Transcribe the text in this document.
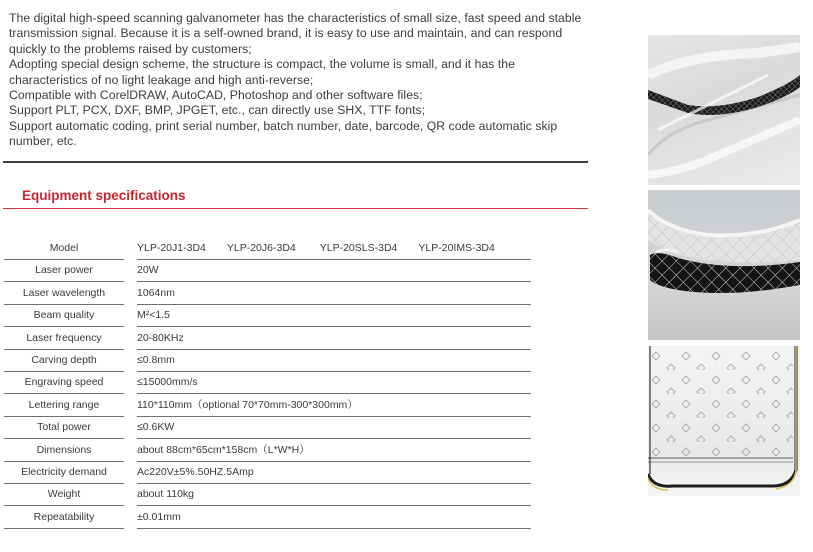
The digital high-speed scanning galvanometer has the characteristics of small size, fast speed and stable transmission signal. Because it is a self-owned brand, it is easy to use and maintain, and can respond quickly to the problems raised by customers;

Adopting special design scheme, the structure is compact, the volume is small, and it has the characteristics of no light leakage and high anti-reverse;

Compatible with CorelDRAW, AutoCAD, Photoshop and other software files;

Support PLT, PCX, DXF, BMP, JPGET, etc., can directly use SHX, TTF fonts;

Support automatic coding, print serial number, batch number, date, barcode, QR code automatic skip number, etc.

Equipment specifications
Model	YLP-20J1-3D4 YLP-20J6-3D4 YLP-20SLS-3D4 YLP-20IMS-3D4
Laser power	20W
Laser wavelength	1064nm
Beam quality	M²<1.5
Laser frequency	20-80KHz
Carving depth	≤0.8mm
Engraving speed	≤15000mm/s
Lettering range	110*110mm（optional 70*70mm-300*300mm）
Total power	≤0.6KW
Dimensions	about 88cm*65cm*158cm（L*W*H）
Electricity demand	Ac220V±5%.50HZ.5Amp
Weight	about 110kg
Repeatability	±0.01mm
